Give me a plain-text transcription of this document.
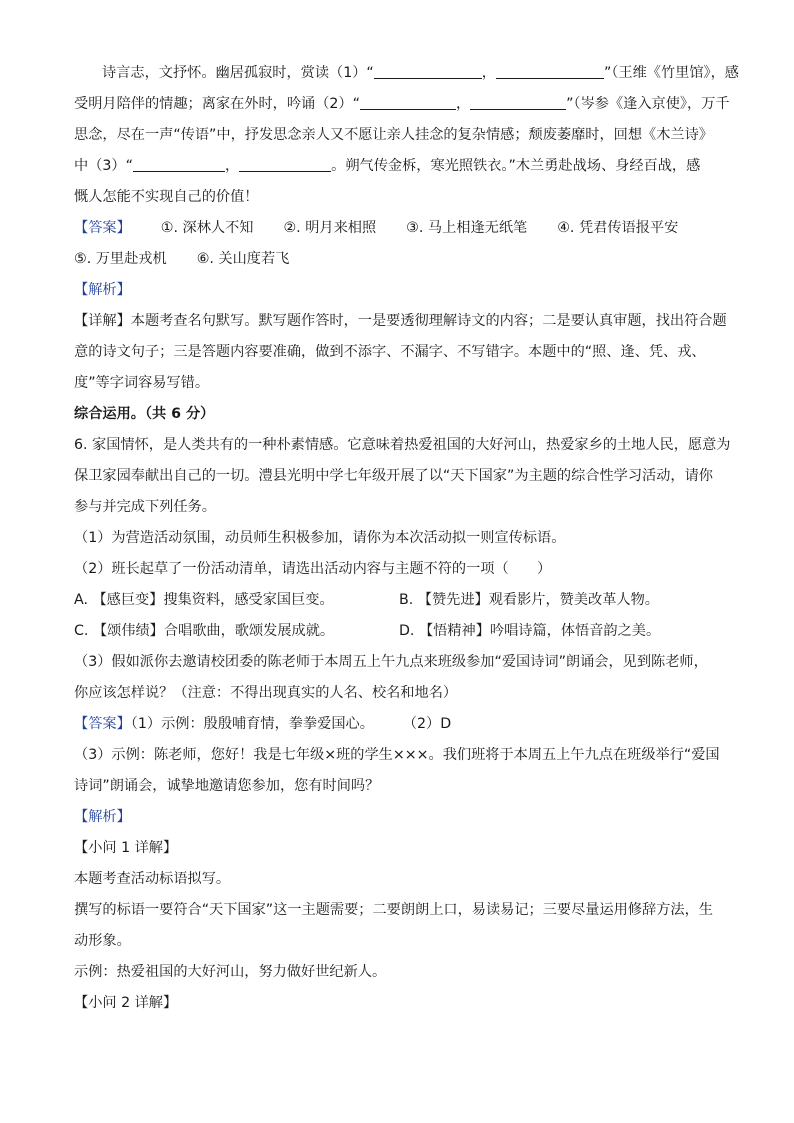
诗言志，文抒怀。幽居孤寂时，赏读（1）“	，	”（王维《竹里馆》，感

受明月陪伴的情趣；离家在外时，吟诵（2）“	，	”（岑参《逢入京使》，万千

思念，尽在一声“传语”中，抒发思念亲人又不愿让亲人挂念的复杂情感；颓废萎靡时，回想《木兰诗》

中（3）“	，	。朔气传金柝，寒光照铁衣。”木兰勇赴战场、身经百战，感

慨人怎能不实现自己的价值！

【答案】 ①. 深林人不知 ②. 明月来相照 ③. 马上相逢无纸笔 ④. 凭君传语报平安

⑤. 万里赴戎机 ⑥. 关山度若飞

【解析】

【详解】本题考查名句默写。默写题作答时，一是要透彻理解诗文的内容；二是要认真审题，找出符合题

意的诗文句子；三是答题内容要准确，做到不添字、不漏字、不写错字。本题中的“照、逢、凭、戎、

度”等字词容易写错。

综合运用。（共 6 分）

6. 家国情怀，是人类共有的一种朴素情感。它意味着热爱祖国的大好河山，热爱家乡的土地人民，愿意为

保卫家园奉献出自己的一切。澧县光明中学七年级开展了以“天下国家”为主题的综合性学习活动，请你

参与并完成下列任务。

（1）为营造活动氛围，动员师生积极参加，请你为本次活动拟一则宣传标语。

（2）班长起草了一份活动清单，请选出活动内容与主题不符的一项（　　）

A. 【感巨变】搜集资料，感受家国巨变。	B. 【赞先进】观看影片，赞美改革人物。
C. 【颂伟绩】合唱歌曲，歌颂发展成就。	D. 【悟精神】吟唱诗篇，体悟音韵之美。

（3）假如派你去邀请校团委的陈老师于本周五上午九点来班级参加“爱国诗词”朗诵会，见到陈老师，

你应该怎样说？（注意：不得出现真实的人名、校名和地名）

【答案】（1）示例：殷殷哺育情，拳拳爱国心。	（2）D

（3）示例：陈老师，您好！我是七年级×班的学生×××。我们班将于本周五上午九点在班级举行“爱国

诗词”朗诵会，诚挚地邀请您参加，您有时间吗？

【解析】

【小问 1 详解】

本题考查活动标语拟写。

撰写的标语一要符合“天下国家”这一主题需要；二要朗朗上口，易读易记；三要尽量运用修辞方法，生

动形象。

示例：热爱祖国的大好河山，努力做好世纪新人。

【小问 2 详解】
